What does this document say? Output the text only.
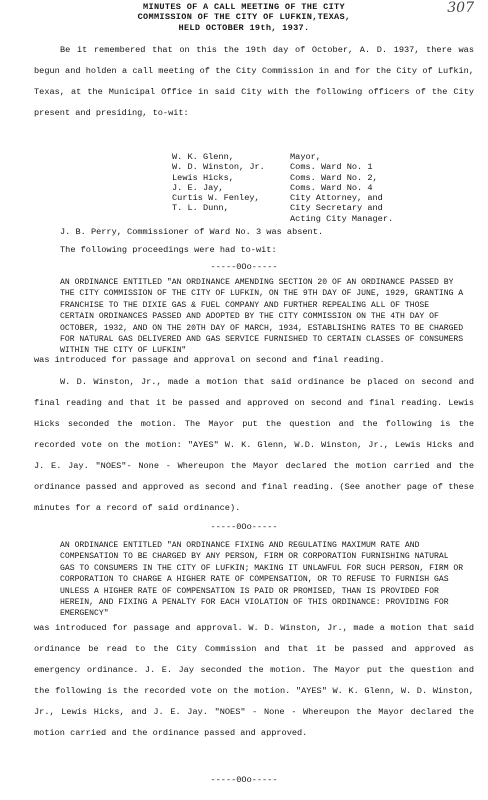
307
MINUTES OF A CALL MEETING OF THE CITY
COMMISSION OF THE CITY OF LUFKIN,TEXAS,
HELD OCTOBER 19th, 1937.
Be it remembered that on this the 19th day of October, A. D. 1937, there was begun and holden a call meeting of the City Commission in and for the City of Lufkin, Texas, at the Municipal Office in said City with the following officers of the City present and presiding, to-wit:
W. K. Glenn,	Mayor,
W. D. Winston, Jr.	Coms. Ward No. 1
Lewis Hicks,	Coms. Ward No. 2,
J. E. Jay,	Coms. Ward No. 4
Curtis W. Fenley,	City Attorney, and
T. L. Dunn,	City Secretary and
Acting City Manager.
J. B. Perry, Commissioner of Ward No. 3 was absent.
The following proceedings were had to-wit:
-----0Oo-----
AN ORDINANCE ENTITLED "AN ORDINANCE AMENDING SECTION 20 OF AN ORDINANCE PASSED BY THE CITY COMMISSION OF THE CITY OF LUFKIN, ON THE 9TH DAY OF JUNE, 1929, GRANTING A FRANCHISE TO THE DIXIE GAS & FUEL COMPANY AND FURTHER REPEALING ALL OF THOSE CERTAIN ORDINANCES PASSED AND ADOPTED BY THE CITY COMMISSION ON THE 4TH DAY OF OCTOBER, 1932, AND ON THE 20TH DAY OF MARCH, 1934, ESTABLISHING RATES TO BE CHARGED FOR NATURAL GAS DELIVERED AND GAS SERVICE FURNISHED TO CERTAIN CLASSES OF CONSUMERS WITHIN THE CITY OF LUFKIN"
was introduced for passage and approval on second and final reading.
W. D. Winston, Jr., made a motion that said ordinance be placed on second and final reading and that it be passed and approved on second and final reading. Lewis Hicks seconded the motion. The Mayor put the question and the following is the recorded vote on the motion: "AYES" W. K. Glenn, W.D. Winston, Jr., Lewis Hicks and J. E. Jay. "NOES"- None - Whereupon the Mayor declared the motion carried and the ordinance passed and approved as second and final reading. (See another page of these minutes for a record of said ordinance).
-----0Oo-----
AN ORDINANCE ENTITLED "AN ORDINANCE FIXING AND REGULATING MAXIMUM RATE AND COMPENSATION TO BE CHARGED BY ANY PERSON, FIRM OR CORPORATION FURNISHING NATURAL GAS TO CONSUMERS IN THE CITY OF LUFKIN; MAKING IT UNLAWFUL FOR SUCH PERSON, FIRM OR CORPORATION TO CHARGE A HIGHER RATE OF COMPENSATION, OR TO REFUSE TO FURNISH GAS UNLESS A HIGHER RATE OF COMPENSATION IS PAID OR PROMISED, THAN IS PROVIDED FOR HEREIN, AND FIXING A PENALTY FOR EACH VIOLATION OF THIS ORDINANCE: PROVIDING FOR EMERGENCY"
was introduced for passage and approval. W. D. Winston, Jr., made a motion that said ordinance be read to the City Commission and that it be passed and approved as emergency ordinance. J. E. Jay seconded the motion. The Mayor put the question and the following is the recorded vote on the motion. "AYES" W. K. Glenn, W. D. Winston, Jr., Lewis Hicks, and J. E. Jay. "NOES" - None - Whereupon the Mayor declared the motion carried and the ordinance passed and approved.
-----0Oo-----
